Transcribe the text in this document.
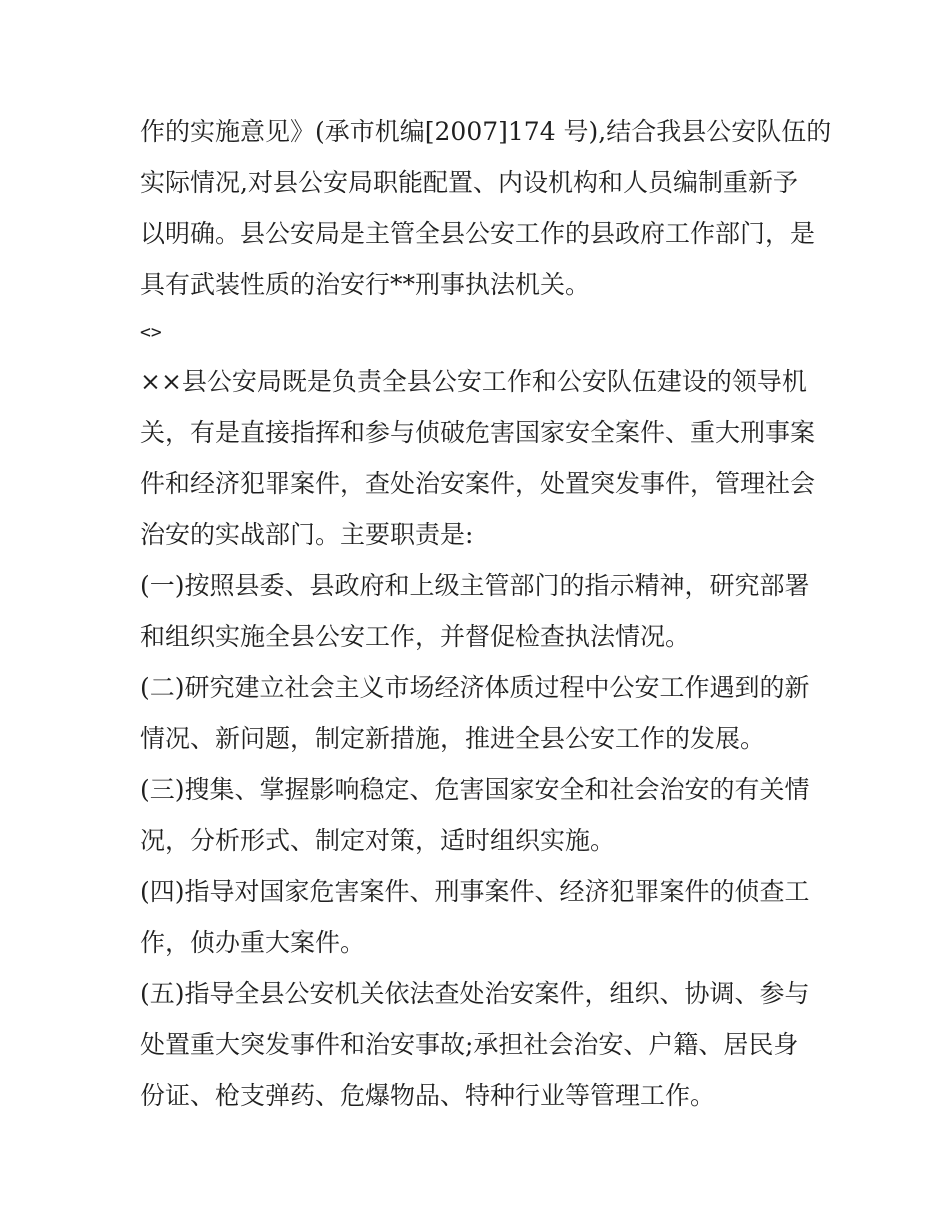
作的实施意见》(承市机编[2007]174 号),结合我县公安队伍的
实际情况,对县公安局职能配置、内设机构和人员编制重新予
以明确。县公安局是主管全县公安工作的县政府工作部门，是
具有武装性质的治安行**刑事执法机关。
<>
××县公安局既是负责全县公安工作和公安队伍建设的领导机
关，有是直接指挥和参与侦破危害国家安全案件、重大刑事案
件和经济犯罪案件，查处治安案件，处置突发事件，管理社会
治安的实战部门。主要职责是:
(一)按照县委、县政府和上级主管部门的指示精神，研究部署
和组织实施全县公安工作，并督促检查执法情况。
(二)研究建立社会主义市场经济体质过程中公安工作遇到的新
情况、新问题，制定新措施，推进全县公安工作的发展。
(三)搜集、掌握影响稳定、危害国家安全和社会治安的有关情
况，分析形式、制定对策，适时组织实施。
(四)指导对国家危害案件、刑事案件、经济犯罪案件的侦查工
作，侦办重大案件。
(五)指导全县公安机关依法查处治安案件，组织、协调、参与
处置重大突发事件和治安事故;承担社会治安、户籍、居民身
份证、枪支弹药、危爆物品、特种行业等管理工作。
